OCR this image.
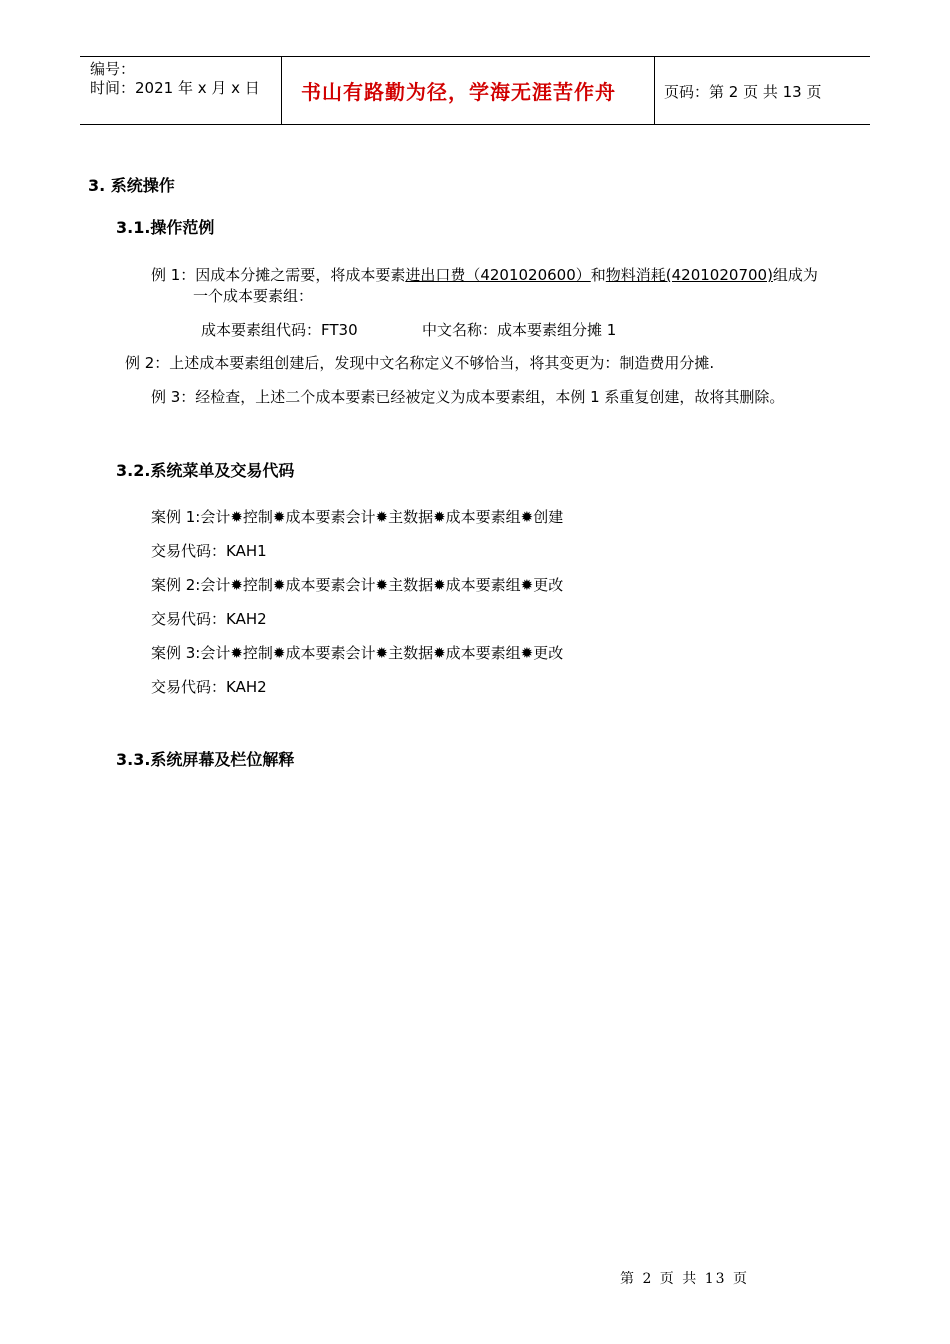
编号：
时间：2021 年 x 月 x 日 书山有路勤为径，学海无涯苦作舟	页码：第 2 页 共 13 页
3. 系统操作
3.1.操作范例
例 1：因成本分摊之需要，将成本要素进出口费（4201020600）和物料消耗(4201020700)组成为
一个成本要素组：
成本要素组代码：FT30	中文名称：成本要素组分摊 1
例 2：上述成本要素组创建后，发现中文名称定义不够恰当，将其变更为：制造费用分摊.
例 3：经检查，上述二个成本要素已经被定义为成本要素组，本例 1 系重复创建，故将其删除。
3.2.系统菜单及交易代码
案例 1:会计✹控制✹成本要素会计✹主数据✹成本要素组✹创建
交易代码：KAH1
案例 2:会计✹控制✹成本要素会计✹主数据✹成本要素组✹更改
交易代码：KAH2
案例 3:会计✹控制✹成本要素会计✹主数据✹成本要素组✹更改
交易代码：KAH2
3.3.系统屏幕及栏位解释
第 2 页 共 13 页
